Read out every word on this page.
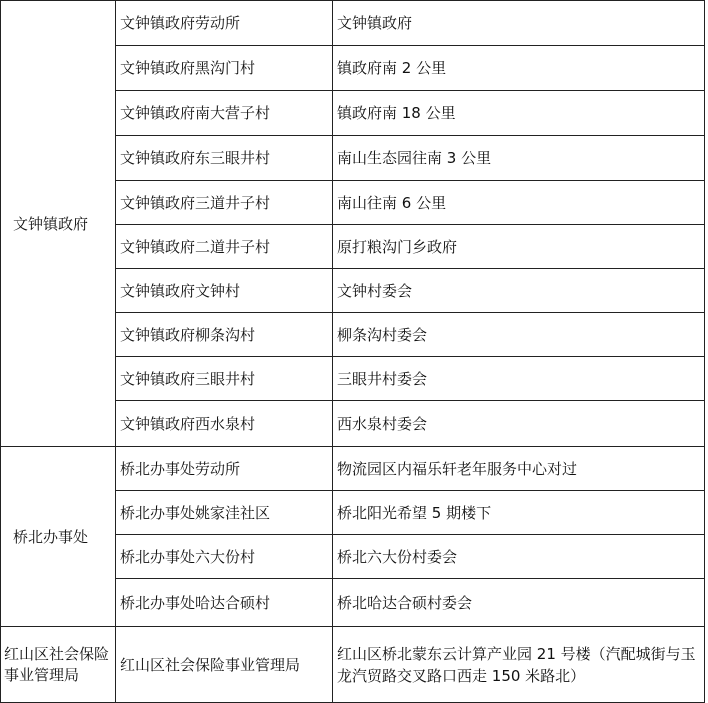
文钟镇政府	文钟镇政府劳动所	文钟镇政府
	文钟镇政府黑沟门村	镇政府南 2 公里
	文钟镇政府南大营子村	镇政府南 18 公里
	文钟镇政府东三眼井村	南山生态园往南 3 公里
	文钟镇政府三道井子村	南山往南 6 公里
	文钟镇政府二道井子村	原打粮沟门乡政府
	文钟镇政府文钟村	文钟村委会
	文钟镇政府柳条沟村	柳条沟村委会
	文钟镇政府三眼井村	三眼井村委会
	文钟镇政府西水泉村	西水泉村委会
桥北办事处	桥北办事处劳动所	物流园区内福乐轩老年服务中心对过
	桥北办事处姚家洼社区	桥北阳光希望 5 期楼下
	桥北办事处六大份村	桥北六大份村委会
	桥北办事处哈达合硕村	桥北哈达合硕村委会
红山区社会保险事业管理局	红山区社会保险事业管理局	红山区桥北蒙东云计算产业园 21 号楼（汽配城街与玉龙汽贸路交叉路口西走 150 米路北）
